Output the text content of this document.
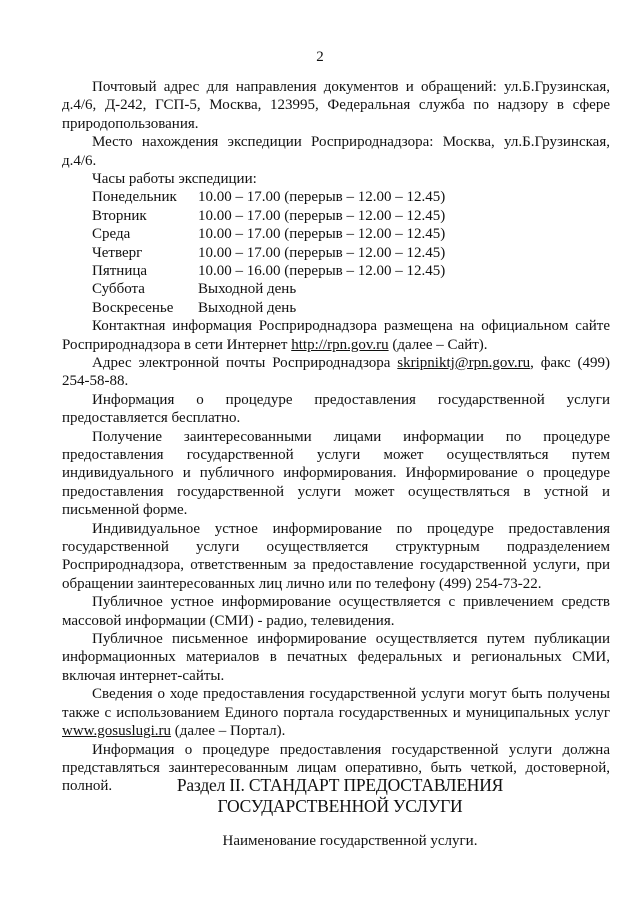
2

Почтовый адрес для направления документов и обращений: ул.Б.Грузинская, д.4/6, Д-242, ГСП-5, Москва, 123995, Федеральная служба по надзору в сфере природопользования.

Место нахождения экспедиции Росприроднадзора: Москва, ул.Б.Грузинская, д.4/6.

Часы работы экспедиции:
Понедельник	10.00 – 17.00 (перерыв – 12.00 – 12.45)
Вторник	10.00 – 17.00 (перерыв – 12.00 – 12.45)
Среда	10.00 – 17.00 (перерыв – 12.00 – 12.45)
Четверг	10.00 – 17.00 (перерыв – 12.00 – 12.45)
Пятница	10.00 – 16.00 (перерыв – 12.00 – 12.45)
Суббота	Выходной день
Воскресенье	Выходной день

Контактная информация Росприроднадзора размещена на официальном сайте Росприроднадзора в сети Интернет http://rpn.gov.ru (далее – Сайт).

Адрес электронной почты Росприроднадзора skripniktj@rpn.gov.ru, факс (499) 254-58-88.

Информация о процедуре предоставления государственной услуги предоставляется бесплатно.

Получение заинтересованными лицами информации по процедуре предоставления государственной услуги может осуществляться путем индивидуального и публичного информирования. Информирование о процедуре предоставления государственной услуги может осуществляться в устной и письменной форме.

Индивидуальное устное информирование по процедуре предоставления государственной услуги осуществляется структурным подразделением Росприроднадзора, ответственным за предоставление государственной услуги, при обращении заинтересованных лиц лично или по телефону (499) 254-73-22.

Публичное устное информирование осуществляется с привлечением средств массовой информации (СМИ) - радио, телевидения.

Публичное письменное информирование осуществляется путем публикации информационных материалов в печатных федеральных и региональных СМИ, включая интернет-сайты.

Сведения о ходе предоставления государственной услуги могут быть получены также с использованием Единого портала государственных и муниципальных услуг www.gosuslugi.ru (далее – Портал).

Информация о процедуре предоставления государственной услуги должна представляться заинтересованным лицам оперативно, быть четкой, достоверной, полной.	Раздел II. СТАНДАРТ ПРЕДОСТАВЛЕНИЯ ГОСУДАРСТВЕННОЙ УСЛУГИ
Наименование государственной услуги.
